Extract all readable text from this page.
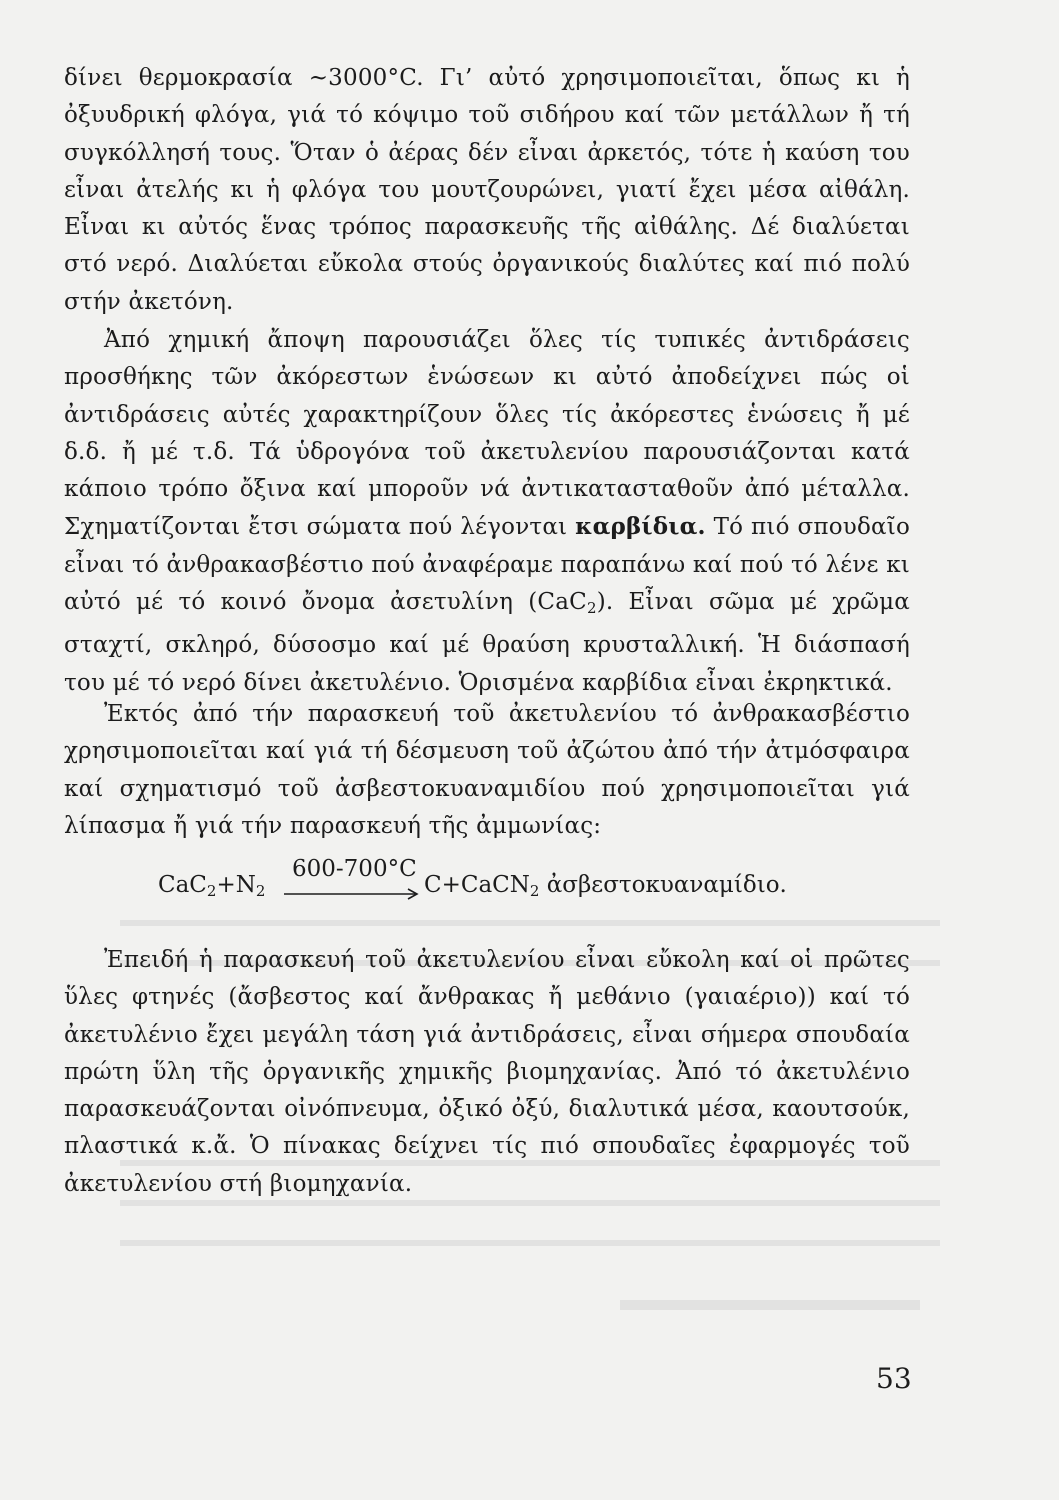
δίνει θερμοκρασία ~3000°C. Γι’ αὐτό χρησιμοποιεῖται, ὅπως κι ἡ ὀξυυδρική φλόγα, γιά τό κόψιμο τοῦ σιδήρου καί τῶν μετάλλων ἤ τή συγκόλλησή τους. Ὅταν ὁ ἀέρας δέν εἶναι ἀρκετός, τότε ἡ καύση του εἶναι ἀτελής κι ἡ φλόγα του μουτζουρώνει, γιατί ἔχει μέσα αἰθάλη. Εἶναι κι αὐτός ἕνας τρόπος παρασκευῆς τῆς αἰθάλης. Δέ διαλύεται στό νερό. Διαλύεται εὔκολα στούς ὀργανικούς διαλύτες καί πιό πολύ στήν ἀκετόνη.

Ἀπό χημική ἄποψη παρουσιάζει ὅλες τίς τυπικές ἀντιδράσεις προσθήκης τῶν ἀκόρεστων ἑνώσεων κι αὐτό ἀποδείχνει πώς οἱ ἀντιδράσεις αὐτές χαρακτηρίζουν ὅλες τίς ἀκόρεστες ἑνώσεις ἤ μέ δ.δ. ἤ μέ τ.δ. Τά ὑδρογόνα τοῦ ἀκετυλενίου παρουσιάζονται κατά κάποιο τρόπο ὄξινα καί μποροῦν νά ἀντικατασταθοῦν ἀπό μέταλλα. Σχηματίζονται ἔτσι σώματα πού λέγονται καρβίδια. Τό πιό σπουδαῖο εἶναι τό ἀνθρακασβέστιο πού ἀναφέραμε παραπάνω καί πού τό λένε κι αὐτό μέ τό κοινό ὄνομα ἀσετυλίνη (CaC$_2$). Εἶναι σῶμα μέ χρῶμα σταχτί, σκληρό, δύσοσμο καί μέ θραύση κρυσταλλική. Ἡ διάσπασή του μέ τό νερό δίνει ἀκετυλένιο. Ὁρισμένα καρβίδια εἶναι ἐκρηκτικά.

Ἐκτός ἀπό τήν παρασκευή τοῦ ἀκετυλενίου τό ἀνθρακασβέστιο χρησιμοποιεῖται καί γιά τή δέσμευση τοῦ ἀζώτου ἀπό τήν ἀτμόσφαιρα καί σχηματισμό τοῦ ἀσβεστοκυαναμιδίου πού χρησιμοποιεῖται γιά λίπασμα ἤ γιά τήν παρασκευή τῆς ἀμμωνίας:

$CaC_2+N_2$
600-700°C
C+CaCN$_2$ ἀσβεστοκυαναμίδιο.

Ἐπειδή ἡ παρασκευή τοῦ ἀκετυλενίου εἶναι εὔκολη καί οἱ πρῶτες ὕλες φτηνές (ἄσβεστος καί ἄνθρακας ἤ μεθάνιο (γαιαέριο)) καί τό ἀκετυλένιο ἔχει μεγάλη τάση γιά ἀντιδράσεις, εἶναι σήμερα σπουδαία πρώτη ὕλη τῆς ὀργανικῆς χημικῆς βιομηχανίας. Ἀπό τό ἀκετυλένιο παρασκευάζονται οἰνόπνευμα, ὀξικό ὀξύ, διαλυτικά μέσα, καουτσούκ, πλαστικά κ.ἄ. Ὁ πίνακας δείχνει τίς πιό σπουδαῖες ἐφαρμογές τοῦ ἀκετυλενίου στή βιομηχανία.

53
